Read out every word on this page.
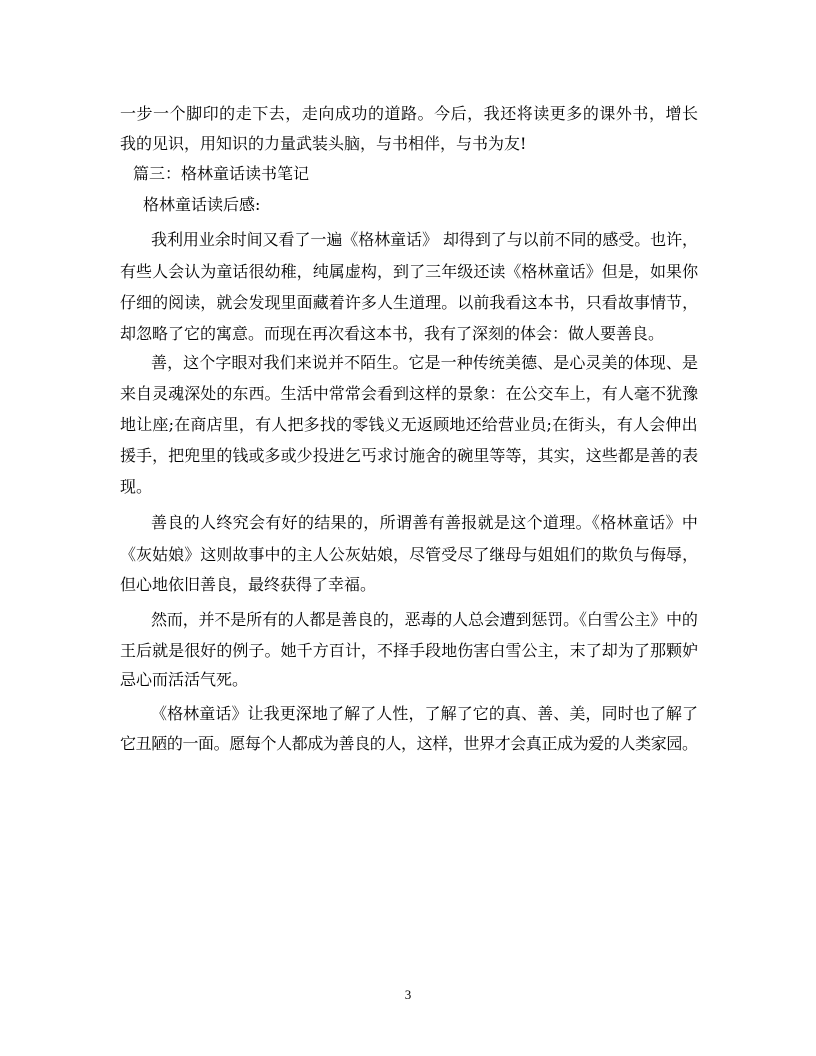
一步一个脚印的走下去，走向成功的道路。今后，我还将读更多的课外书，增长
我的见识，用知识的力量武装头脑，与书相伴，与书为友!
篇三：格林童话读书笔记
格林童话读后感:
我利用业余时间又看了一遍《格林童话》 却得到了与以前不同的感受。也许，
有些人会认为童话很幼稚，纯属虚构，到了三年级还读《格林童话》但是，如果你
仔细的阅读，就会发现里面藏着许多人生道理。以前我看这本书，只看故事情节，
却忽略了它的寓意。而现在再次看这本书，我有了深刻的体会：做人要善良。
善，这个字眼对我们来说并不陌生。它是一种传统美德、是心灵美的体现、是
来自灵魂深处的东西。生活中常常会看到这样的景象：在公交车上，有人毫不犹豫
地让座;在商店里，有人把多找的零钱义无返顾地还给营业员;在街头，有人会伸出
援手，把兜里的钱或多或少投进乞丐求讨施舍的碗里等等，其实，这些都是善的表
现。
善良的人终究会有好的结果的，所谓善有善报就是这个道理。《格林童话》中
《灰姑娘》这则故事中的主人公灰姑娘，尽管受尽了继母与姐姐们的欺负与侮辱，
但心地依旧善良，最终获得了幸福。
然而，并不是所有的人都是善良的，恶毒的人总会遭到惩罚。《白雪公主》中的
王后就是很好的例子。她千方百计，不择手段地伤害白雪公主，末了却为了那颗妒
忌心而活活气死。
《格林童话》让我更深地了解了人性，了解了它的真、善、美，同时也了解了
它丑陋的一面。愿每个人都成为善良的人，这样，世界才会真正成为爱的人类家园。
3
